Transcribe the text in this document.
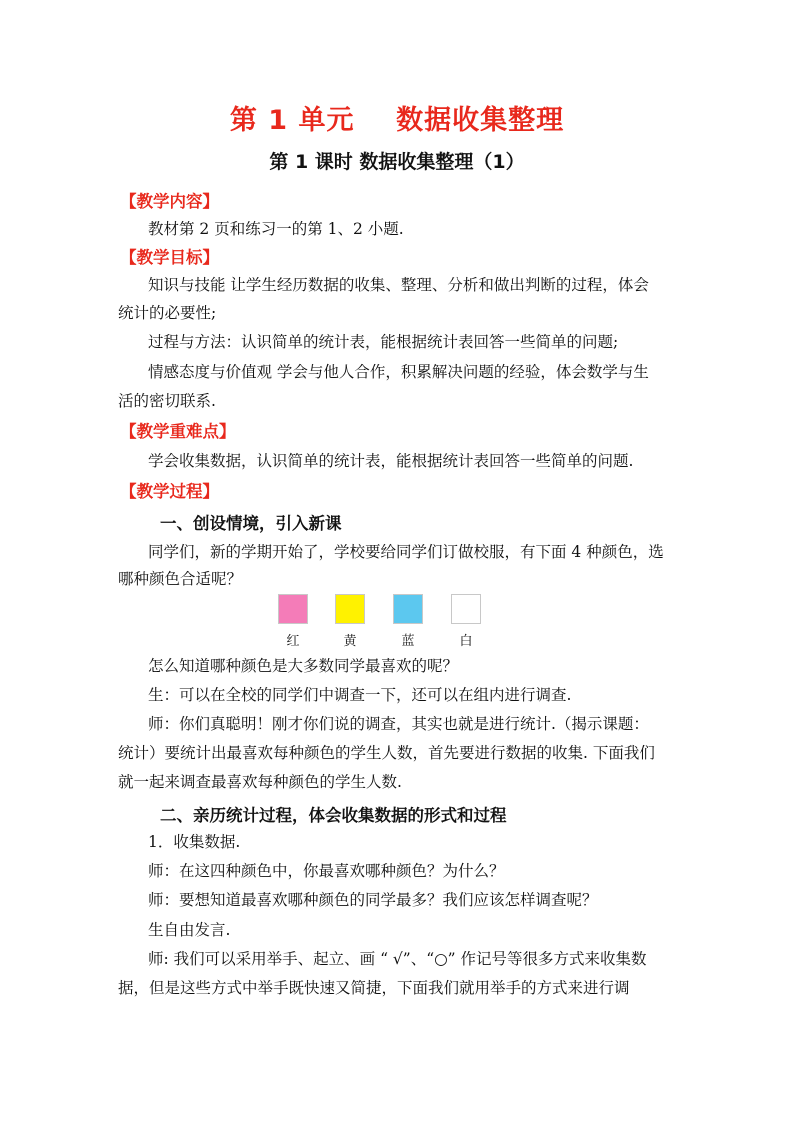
第 1 单元    数据收集整理
第 1 课时 数据收集整理（1）
【教学内容】
教材第 2 页和练习一的第 1、2 小题.
【教学目标】
知识与技能 让学生经历数据的收集、整理、分析和做出判断的过程，体会
统计的必要性;
过程与方法：认识简单的统计表，能根据统计表回答一些简单的问题;
情感态度与价值观 学会与他人合作，积累解决问题的经验，体会数学与生
活的密切联系.
【教学重难点】
学会收集数据，认识简单的统计表，能根据统计表回答一些简单的问题.
【教学过程】
一、创设情境，引入新课
同学们，新的学期开始了，学校要给同学们订做校服，有下面 4 种颜色，选
哪种颜色合适呢？
红	黄	蓝	白
怎么知道哪种颜色是大多数同学最喜欢的呢？
生：可以在全校的同学们中调查一下，还可以在组内进行调查.
师：你们真聪明！刚才你们说的调查，其实也就是进行统计.（揭示课题：
统计）要统计出最喜欢每种颜色的学生人数，首先要进行数据的收集. 下面我们
就一起来调查最喜欢每种颜色的学生人数.
二、亲历统计过程，体会收集数据的形式和过程
1．收集数据.
师：在这四种颜色中，你最喜欢哪种颜色？为什么？
师：要想知道最喜欢哪种颜色的同学最多？我们应该怎样调查呢？
生自由发言.
师: 我们可以采用举手、起立、画 “ √”、“○” 作记号等很多方式来收集数
据，但是这些方式中举手既快速又简捷，下面我们就用举手的方式来进行调
